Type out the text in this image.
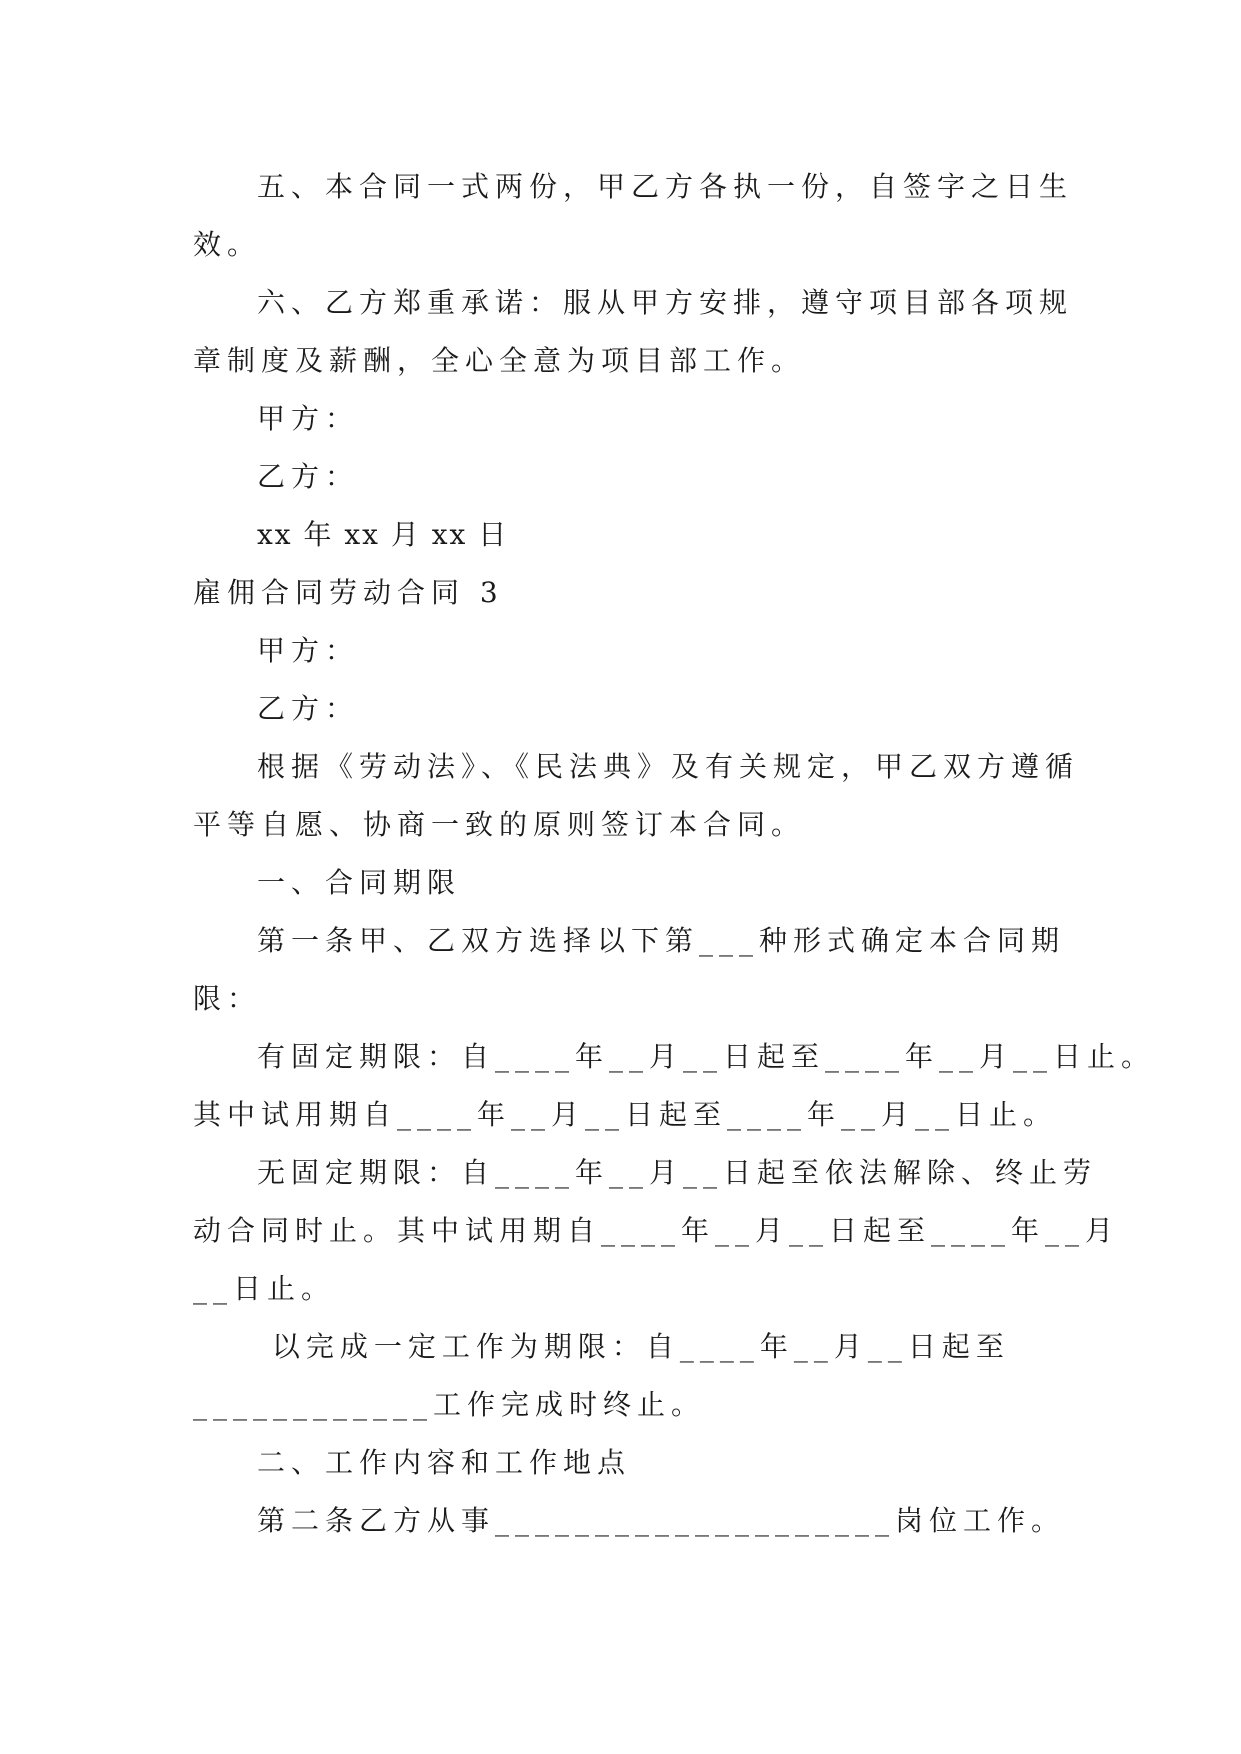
五、本合同一式两份，甲乙方各执一份，自签字之日生
效。
六、乙方郑重承诺：服从甲方安排，遵守项目部各项规
章制度及薪酬，全心全意为项目部工作。
甲方：
乙方：
xx 年 xx 月 xx 日
雇佣合同劳动合同 3
甲方：
乙方：
根据《劳动法》、《民法典》及有关规定，甲乙双方遵循
平等自愿、协商一致的原则签订本合同。
一、合同期限
第一条甲、乙双方选择以下第___种形式确定本合同期
限：
有固定期限：自____年__月__日起至____年__月__日止。
其中试用期自____年__月__日起至____年__月__日止。
无固定期限：自____年__月__日起至依法解除、终止劳
动合同时止。其中试用期自____年__月__日起至____年__月
__日止。
以完成一定工作为期限：自____年__月__日起至
____________工作完成时终止。
二、工作内容和工作地点
第二条乙方从事____________________岗位工作。
